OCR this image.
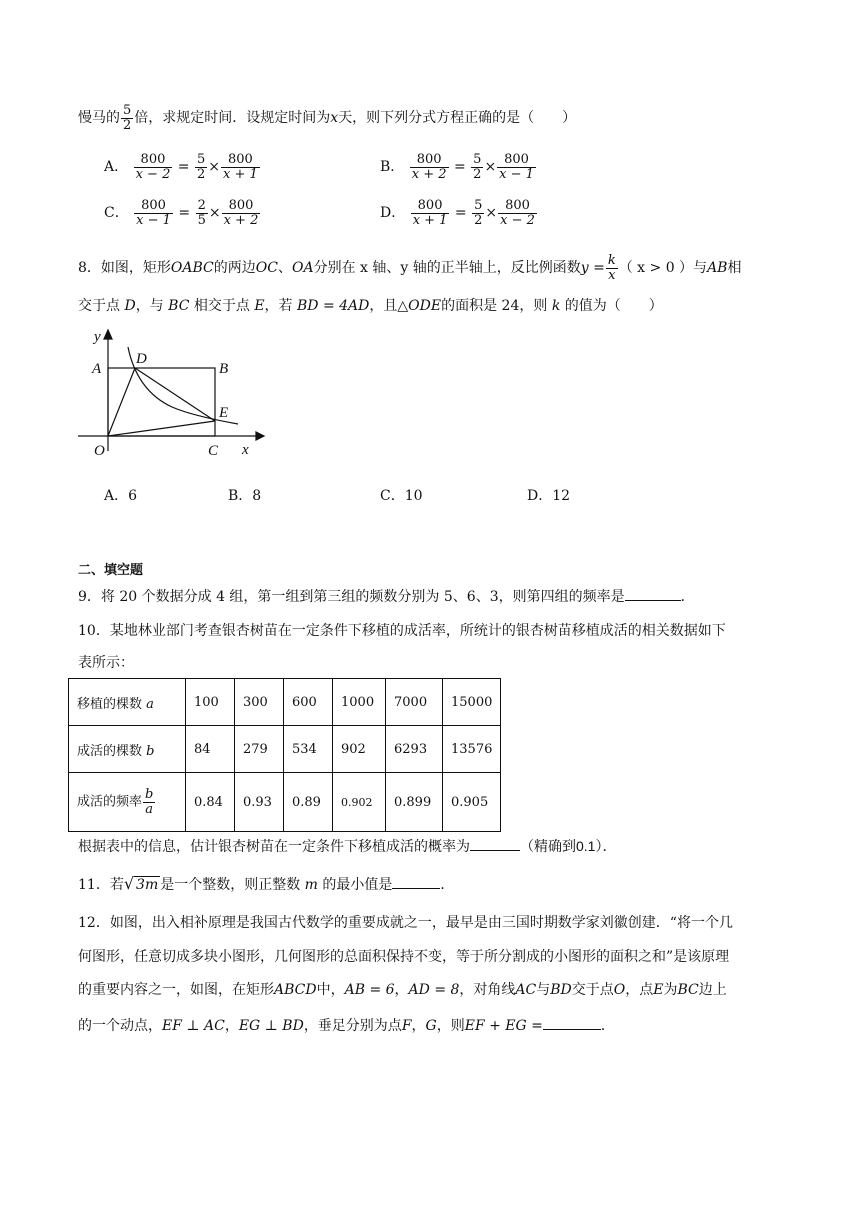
慢马的 $\frac{5}{2}$ 倍，求规定时间．设规定时间为x天，则下列分式方程正确的是（　　）
A． $\frac{800}{x - 2} = \frac{5}{2} \times \frac{800}{x + 1}$	B． $\frac{800}{x + 2} = \frac{5}{2} \times \frac{800}{x - 1}$
C． $\frac{800}{x - 1} = \frac{2}{5} \times \frac{800}{x + 2}$	D． $\frac{800}{x + 1} = \frac{5}{2} \times \frac{800}{x - 2}$
8．如图，矩形OABC的两边OC、OA分别在 x 轴、y 轴的正半轴上，反比例函数$y = \frac{k}{x}$ （ x > 0 ）与AB相
交于点 D，与 BC 相交于点 E，若 BD = 4AD，且△ODE的面积是 24，则 k 的值为（　　）
y
A
D
B
E
O	C x
A．6	B．8	C．10	D．12
二、填空题
9．将 20 个数据分成 4 组，第一组到第三组的频数分别为 5、6、3，则第四组的频率是	．
10．某地林业部门考查银杏树苗在一定条件下移植的成活率，所统计的银杏树苗移植成活的相关数据如下
表所示：
移植的棵数 a	100	300	600	1000	7000	15000
成活的棵数 b	84	279	534	902	6293	13576
成活的频率 $\frac{b}{a}$	0.84	0.93	0.89	0.902	0.899	0.905
根据表中的信息，估计银杏树苗在一定条件下移植成活的概率为	（精确到0.1）．
11．若√ 3m 是一个整数，则正整数 m 的最小值是	．
12．如图，出入相补原理是我国古代数学的重要成就之一，最早是由三国时期数学家刘徽创建．“将一个几
何图形，任意切成多块小图形，几何图形的总面积保持不变，等于所分割成的小图形的面积之和”是该原理
的重要内容之一，如图，在矩形ABCD中，AB = 6，AD = 8，对角线AC与BD交于点O，点E为BC边上
的一个动点，EF ⊥ AC，EG ⊥ BD，垂足分别为点F，G，则EF + EG =	．
